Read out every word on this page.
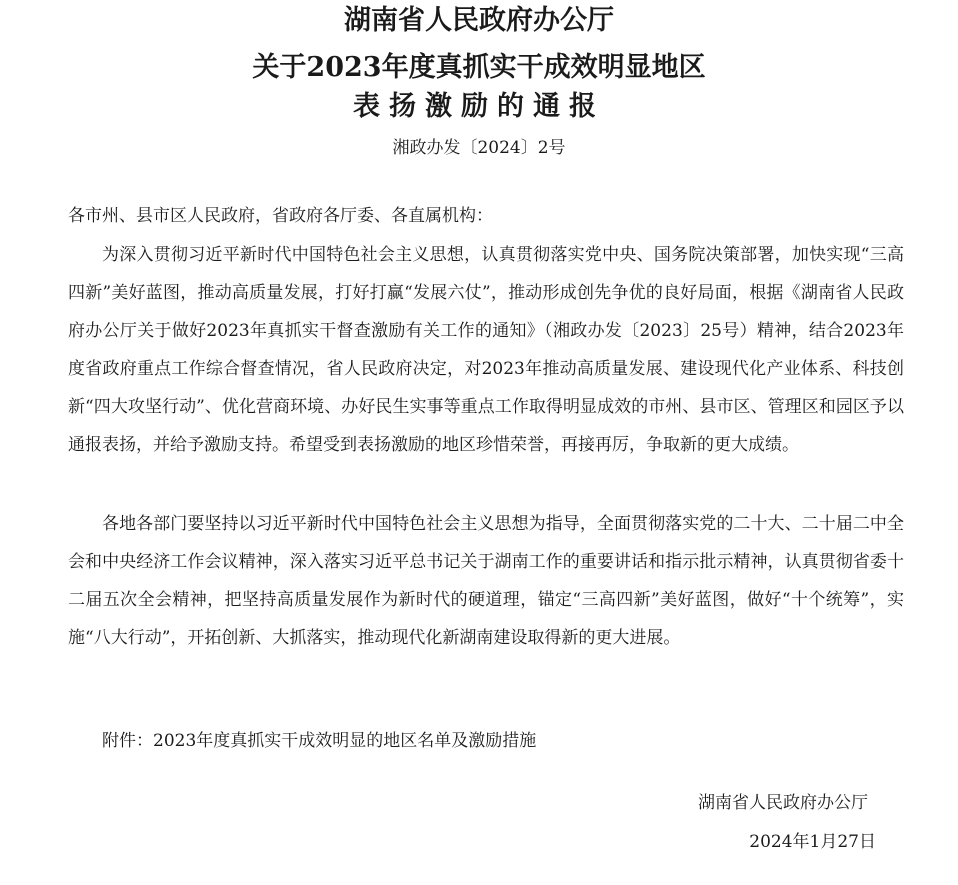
湖南省人民政府办公厅
关于2023年度真抓实干成效明显地区
表扬激励的通报
湘政办发〔2024〕2号
各市州、县市区人民政府，省政府各厅委、各直属机构：

为深入贯彻习近平新时代中国特色社会主义思想，认真贯彻落实党中央、国务院决策部署，加快实现“三高四新”美好蓝图，推动高质量发展，打好打赢“发展六仗”，推动形成创先争优的良好局面，根据《湖南省人民政府办公厅关于做好2023年真抓实干督查激励有关工作的通知》（湘政办发〔2023〕25号）精神，结合2023年度省政府重点工作综合督查情况，省人民政府决定，对2023年推动高质量发展、建设现代化产业体系、科技创新“四大攻坚行动”、优化营商环境、办好民生实事等重点工作取得明显成效的市州、县市区、管理区和园区予以通报表扬，并给予激励支持。希望受到表扬激励的地区珍惜荣誉，再接再厉，争取新的更大成绩。

各地各部门要坚持以习近平新时代中国特色社会主义思想为指导，全面贯彻落实党的二十大、二十届二中全会和中央经济工作会议精神，深入落实习近平总书记关于湖南工作的重要讲话和指示批示精神，认真贯彻省委十二届五次全会精神，把坚持高质量发展作为新时代的硬道理，锚定“三高四新”美好蓝图，做好“十个统筹”，实施“八大行动”，开拓创新、大抓落实，推动现代化新湖南建设取得新的更大进展。

附件：2023年度真抓实干成效明显的地区名单及激励措施
湖南省人民政府办公厅
2024年1月27日
